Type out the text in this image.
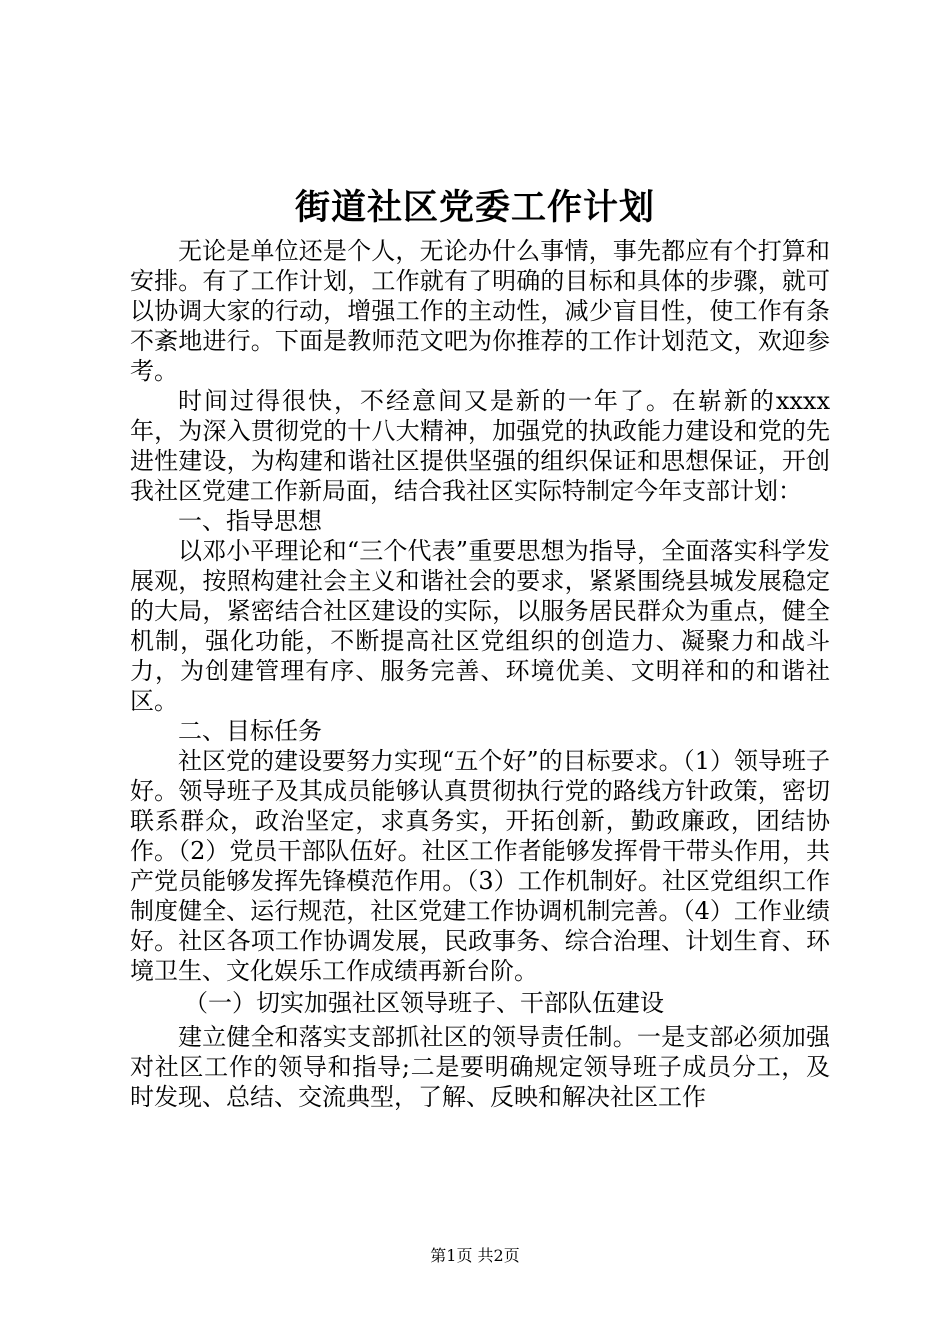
街道社区党委工作计划

无论是单位还是个人，无论办什么事情，事先都应有个打算和安排。有了工作计划，工作就有了明确的目标和具体的步骤，就可以协调大家的行动，增强工作的主动性，减少盲目性，使工作有条不紊地进行。下面是教师范文吧为你推荐的工作计划范文，欢迎参考。

时间过得很快，不经意间又是新的一年了。在崭新的xxxx年，为深入贯彻党的十八大精神，加强党的执政能力建设和党的先进性建设，为构建和谐社区提供坚强的组织保证和思想保证，开创我社区党建工作新局面，结合我社区实际特制定今年支部计划：

一、指导思想

以邓小平理论和“三个代表”重要思想为指导，全面落实科学发展观，按照构建社会主义和谐社会的要求，紧紧围绕县城发展稳定的大局，紧密结合社区建设的实际，以服务居民群众为重点，健全机制，强化功能，不断提高社区党组织的创造力、凝聚力和战斗力，为创建管理有序、服务完善、环境优美、文明祥和的和谐社区。

二、目标任务

社区党的建设要努力实现“五个好”的目标要求。（1）领导班子好。领导班子及其成员能够认真贯彻执行党的路线方针政策，密切联系群众，政治坚定，求真务实，开拓创新，勤政廉政，团结协作。（2）党员干部队伍好。社区工作者能够发挥骨干带头作用，共产党员能够发挥先锋模范作用。（3）工作机制好。社区党组织工作制度健全、运行规范，社区党建工作协调机制完善。（4）工作业绩好。社区各项工作协调发展，民政事务、综合治理、计划生育、环境卫生、文化娱乐工作成绩再新台阶。

（一）切实加强社区领导班子、干部队伍建设

建立健全和落实支部抓社区的领导责任制。一是支部必须加强对社区工作的领导和指导;二是要明确规定领导班子成员分工，及时发现、总结、交流典型，了解、反映和解决社区工作

第1页 共2页
